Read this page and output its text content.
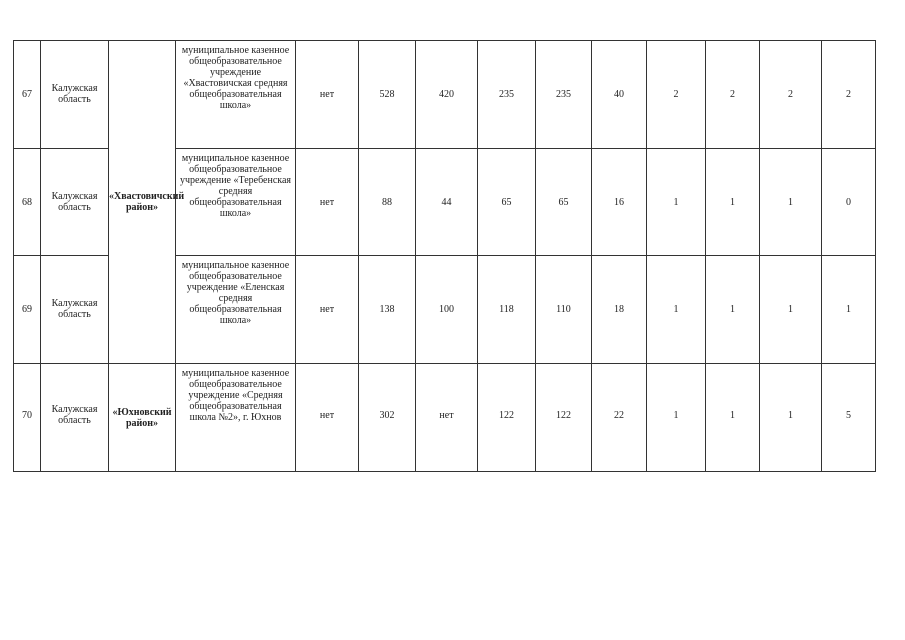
67	Калужская область	«Хвастовичский район»	муниципальное казенное общеобразовательное учреждение «Хвастовичская средняя общеобразовательная школа»	нет	528	420	235	235	40	2	2	2	2
68	Калужская область		муниципальное казенное общеобразовательное учреждение «Теребенская средняя общеобразовательная школа»	нет	88	44	65	65	16	1	1	1	0
69	Калужская область		муниципальное казенное общеобразовательное учреждение «Еленская средняя общеобразовательная школа»	нет	138	100	118	110	18	1	1	1	1
70	Калужская область	«Юхновский район»	муниципальное казенное общеобразовательное учреждение «Средняя общеобразовательная школа №2», г. Юхнов	нет	302	нет	122	122	22	1	1	1	5
